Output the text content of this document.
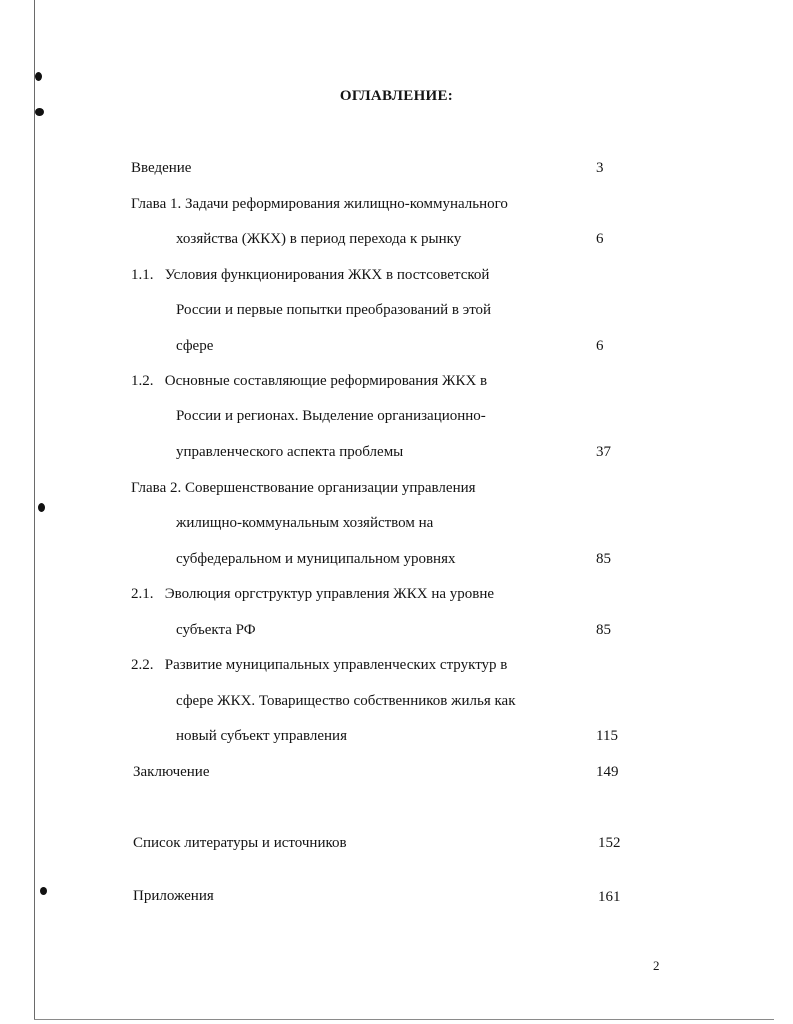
ОГЛАВЛЕНИЕ:
Введение	3
Глава 1. Задачи реформирования жилищно-коммунального
хозяйства (ЖКХ) в период перехода к рынку	6
1.1.   Условия функционирования ЖКХ в постсоветской
России и первые попытки преобразований в этой
сфере	6
1.2.   Основные составляющие реформирования ЖКХ в
России и регионах. Выделение организационно-
управленческого аспекта проблемы	37
Глава 2. Совершенствование организации управления
жилищно-коммунальным хозяйством на
субфедеральном и муниципальном уровнях	85
2.1.   Эволюция оргструктур управления ЖКХ на уровне
субъекта РФ	85
2.2.   Развитие муниципальных управленческих структур в
сфере ЖКХ. Товарищество собственников жилья как
новый субъект управления	115
Заключение	149
Список литературы и источников	152
Приложения	161
2
